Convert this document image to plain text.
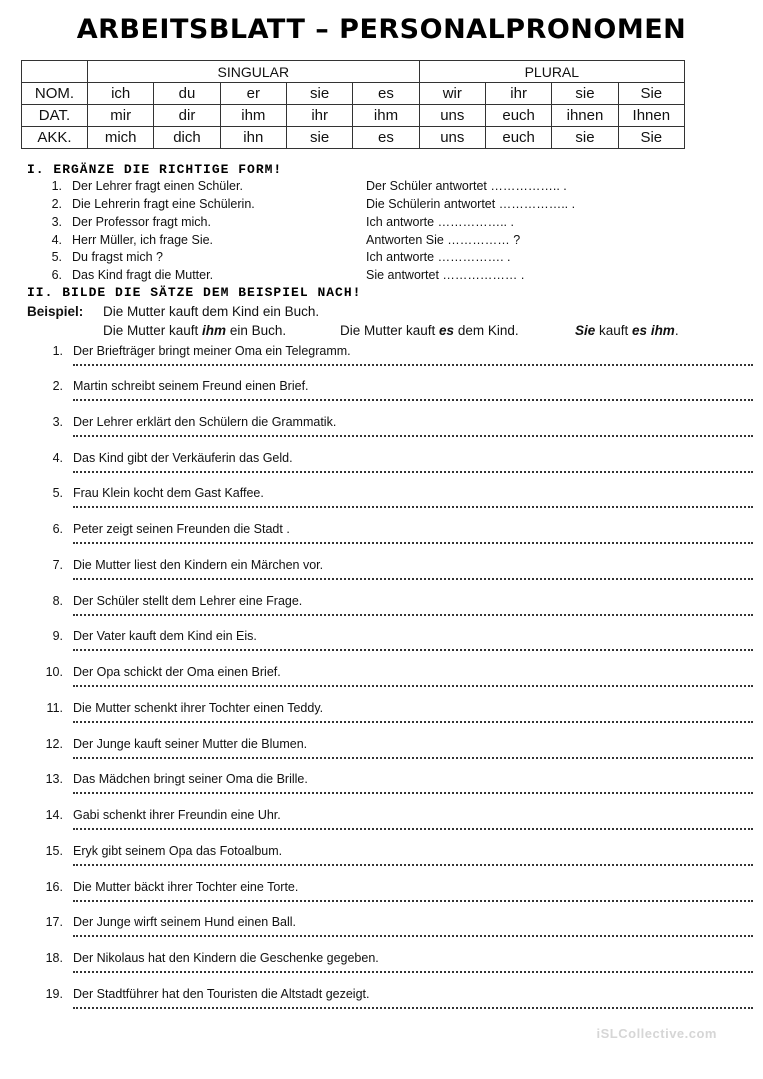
ARBEITSBLATT – PERSONALPRONOMEN
	SINGULAR					PLURAL			
NOM.	ich	du	er	sie	es	wir	ihr	sie	Sie
DAT.	mir	dir	ihm	ihr	ihm	uns	euch	ihnen	Ihnen
AKK.	mich	dich	ihn	sie	es	uns	euch	sie	Sie
I. ERGÄNZE DIE RICHTIGE FORM!
1. Der Lehrer fragt einen Schüler.	Der Schüler antwortet …………….. .
2. Die Lehrerin fragt eine Schülerin.	Die Schülerin antwortet …………….. .
3. Der Professor fragt mich.	Ich antworte …………….. .
4. Herr Müller, ich frage Sie.	Antworten Sie …………… ?
5. Du fragst mich ?	Ich antworte ……………. .
6. Das Kind fragt die Mutter.	Sie antwortet ……………… .
II. BILDE DIE SÄTZE DEM BEISPIEL NACH!
Beispiel: Die Mutter kauft dem Kind ein Buch.
Die Mutter kauft ihm ein Buch.	Die Mutter kauft es dem Kind.	Sie kauft es ihm.
1. Der Briefträger bringt meiner Oma ein Telegramm.
2. Martin schreibt seinem Freund einen Brief.
3. Der Lehrer erklärt den Schülern die Grammatik.
4. Das Kind gibt der Verkäuferin das Geld.
5. Frau Klein kocht dem Gast Kaffee.
6. Peter zeigt seinen Freunden die Stadt .
7. Die Mutter liest den Kindern ein Märchen vor.
8. Der Schüler stellt dem Lehrer eine Frage.
9. Der Vater kauft dem Kind ein Eis.
10. Der Opa schickt der Oma einen Brief.
11. Die Mutter schenkt ihrer Tochter einen Teddy.
12. Der Junge kauft seiner Mutter die Blumen.
13. Das Mädchen bringt seiner Oma die Brille.
14. Gabi schenkt ihrer Freundin eine Uhr.
15. Eryk gibt seinem Opa das Fotoalbum.
16. Die Mutter bäckt ihrer Tochter eine Torte.
17. Der Junge wirft seinem Hund einen Ball.
18. Der Nikolaus hat den Kindern die Geschenke gegeben.
19. Der Stadtführer hat den Touristen die Altstadt gezeigt.
iSLCollective.com
